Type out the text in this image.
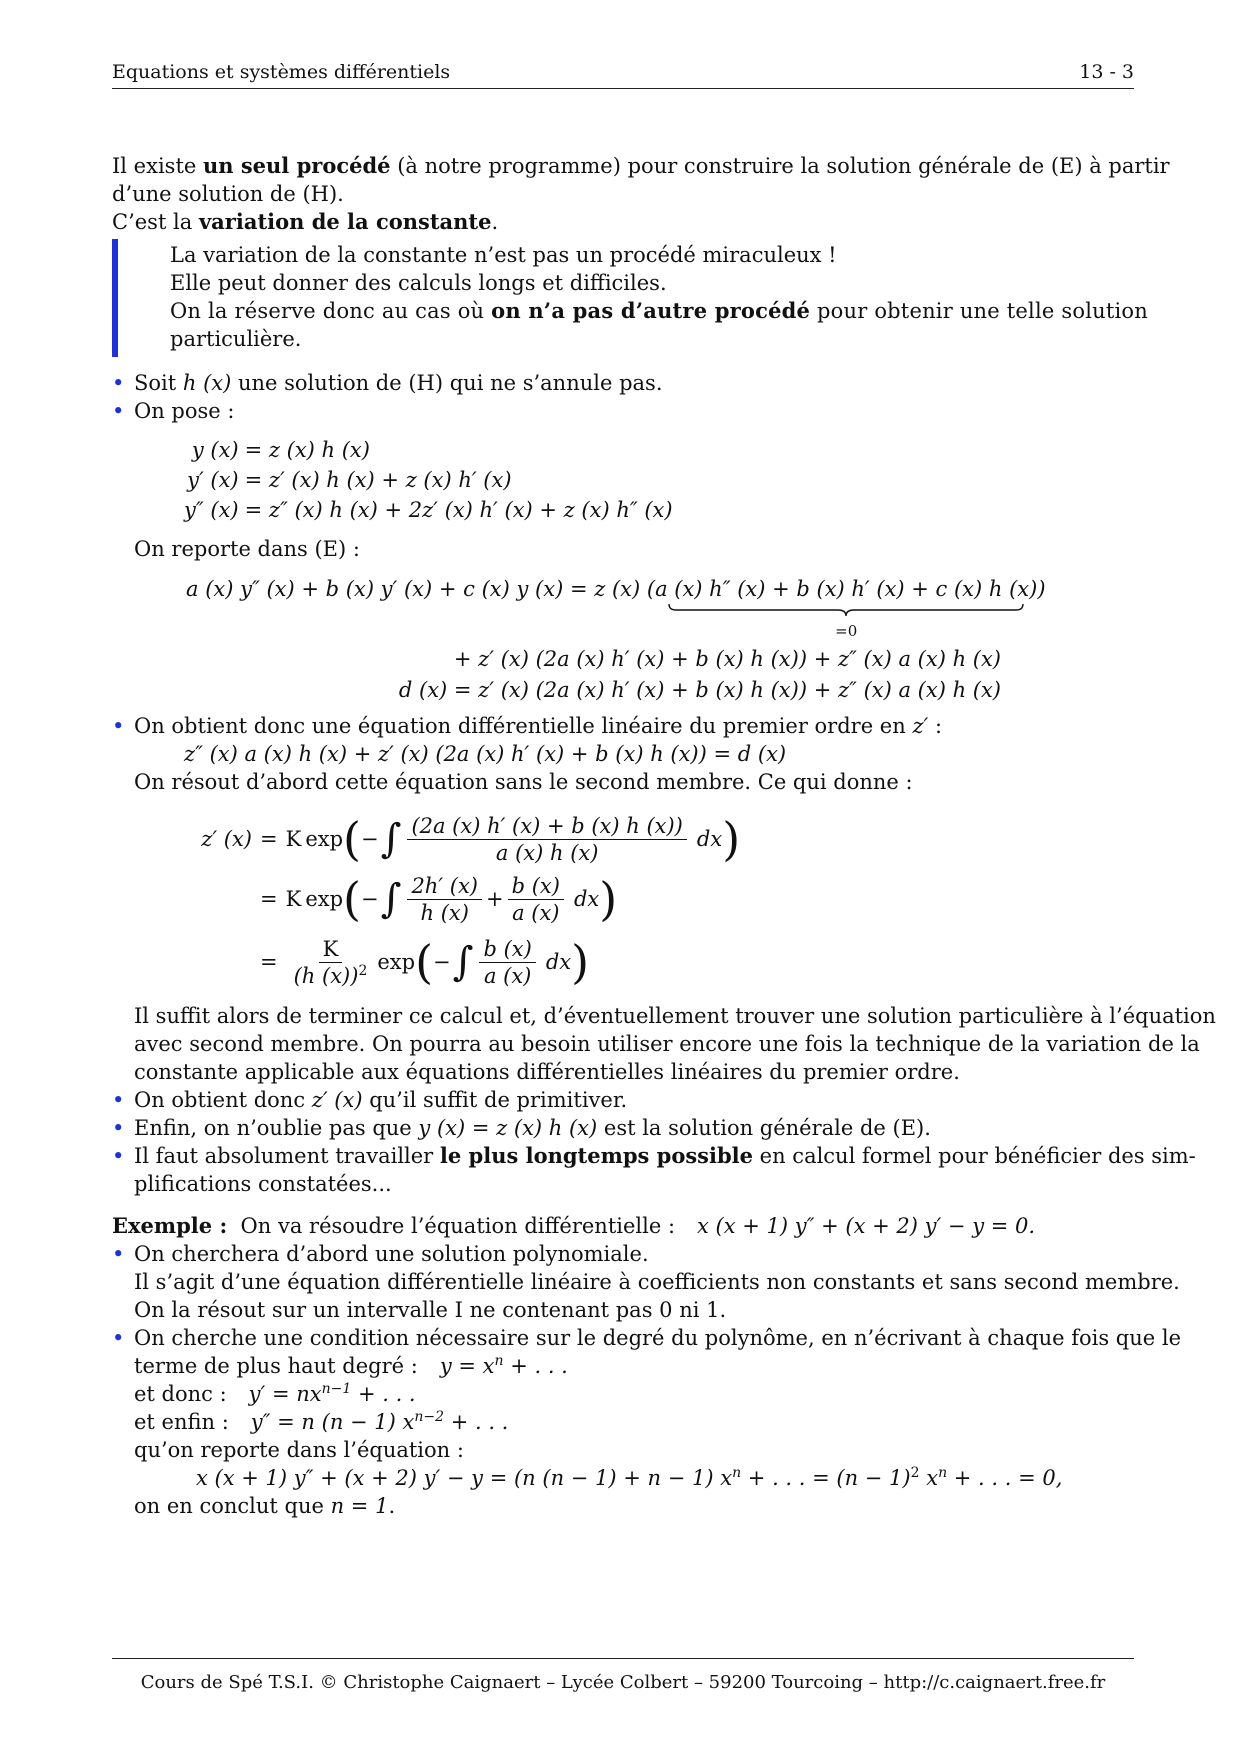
Equations et systèmes différentiels	13 - 3
Il existe un seul procédé (à notre programme) pour construire la solution générale de (E) à partir
d’une solution de (H).
C’est la variation de la constante.
La variation de la constante n’est pas un procédé miraculeux !
Elle peut donner des calculs longs et difficiles.
On la réserve donc au cas où on n’a pas d’autre procédé pour obtenir une telle solution
particulière.
• Soit h (x) une solution de (H) qui ne s’annule pas.
• On pose :
y (x)	= z (x) h (x)
y′ (x)	= z′ (x) h (x) + z (x) h′ (x)
y″ (x)	= z″ (x) h (x) + 2z′ (x) h′ (x) + z (x) h″ (x)
On reporte dans (E) :
a (x) y″ (x) + b (x) y′ (x) + c (x) y (x) = z (x) (a (x) h″ (x) + b (x) h′ (x) + c (x) h (x))
=0
+ z′ (x) (2a (x) h′ (x) + b (x) h (x)) + z″ (x) a (x) h (x)
d (x) = z′ (x) (2a (x) h′ (x) + b (x) h (x)) + z″ (x) a (x) h (x)
• On obtient donc une équation différentielle linéaire du premier ordre en z′ :
z″ (x) a (x) h (x) + z′ (x) (2a (x) h′ (x) + b (x) h (x)) = d (x)
On résout d’abord cette équation sans le second membre. Ce qui donne :
z′ (x) = K exp ( − ∫ $\frac{(2a (x) h' (x) + b (x) h (x))}{a (x) h (x)}$ dx )
= K exp ( − ∫ $\frac{2h' (x)}{h (x)} + \frac{b (x)}{a (x)}$ dx )
= $\frac{K}{(h (x))^2}$ exp ( − ∫ $\frac{b (x)}{a (x)}$ dx )
Il suffit alors de terminer ce calcul et, d’éventuellement trouver une solution particulière à l’équation
avec second membre. On pourra au besoin utiliser encore une fois la technique de la variation de la
constante applicable aux équations différentielles linéaires du premier ordre.
• On obtient donc z′ (x) qu’il suffit de primitiver.
• Enfin, on n’oublie pas que y (x) = z (x) h (x) est la solution générale de (E).
• Il faut absolument travailler le plus longtemps possible en calcul formel pour bénéficier des sim-
plifications constatées...
Exemple :  On va résoudre l’équation différentielle : x (x + 1) y″ + (x + 2) y′ − y = 0.
• On cherchera d’abord une solution polynomiale.
Il s’agit d’une équation différentielle linéaire à coefficients non constants et sans second membre.
On la résout sur un intervalle I ne contenant pas 0 ni 1.
• On cherche une condition nécessaire sur le degré du polynôme, en n’écrivant à chaque fois que le
terme de plus haut degré : $y = x^n$ + . . .
et donc : $y' = nx^{n-1}$ + . . .
et enfin : y″ = n (n − 1) $x^{n-2}$ + . . .
qu’on reporte dans l’équation :
x (x + 1) y″ + (x + 2) y′ − y = (n (n − 1) + n − 1) $x^n$ + . . . = $(n - 1)^2$ $x^n$ + . . . = 0,
on en conclut que n = 1.
Cours de Spé T.S.I. © Christophe Caignaert – Lycée Colbert – 59200 Tourcoing – http://c.caignaert.free.fr
